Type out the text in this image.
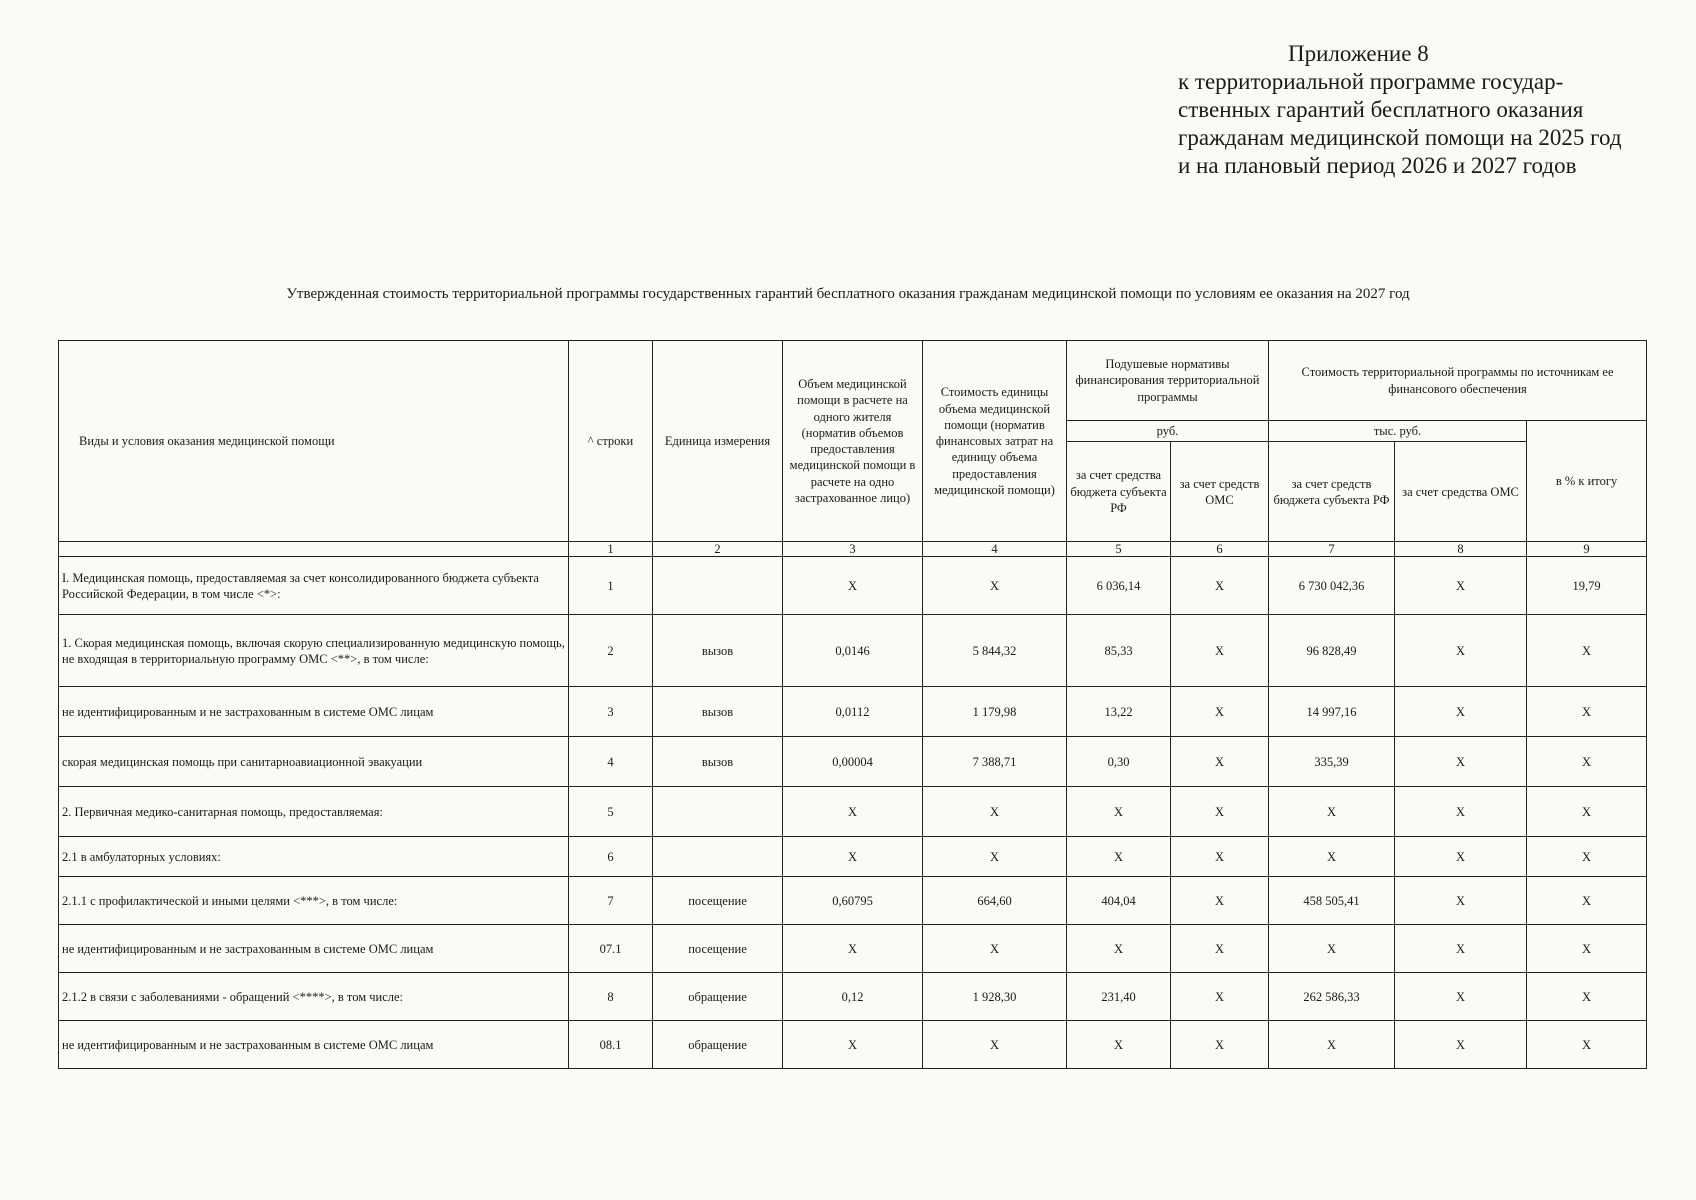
Приложение 8
к территориальной программе государ-
ственных гарантий бесплатного оказания
гражданам медицинской помощи на 2025 год
и на плановый период 2026 и 2027 годов
Утвержденная стоимость территориальной программы государственных гарантий бесплатного оказания гражданам медицинской помощи по условиям ее оказания на 2027 год
Виды и условия оказания медицинской помощи	^ строки	Единица измерения	Объем медицинской помощи в расчете на одного жителя (норматив объемов предоставления медицинской помощи в расчете на одно застрахованное лицо)	Стоимость единицы объема медицинской помощи (норматив финансовых затрат на единицу объема предоставления медицинской помощи)	Подушевые нормативы финансирования территориальной программы		Стоимость территориальной программы по источникам ее финансового обеспечения		
					руб.		тыс. руб.		в % к итогу
					за счет средства бюджета субъекта РФ	за счет средств ОМС	за счет средств бюджета субъекта РФ	за счет средства ОМС	
	1	2	3	4	5	6	7	8	9
I. Медицинская помощь, предоставляемая за счет консолидированного бюджета субъекта Российской Федерации, в том числе <*>:	1		X	X	6 036,14	X	6 730 042,36	X	19,79
1. Скорая медицинская помощь, включая скорую специализированную медицинскую помощь, не входящая в территориальную программу ОМС <**>, в том числе:	2	вызов	0,0146	5 844,32	85,33	X	96 828,49	X	X
не идентифицированным и не застрахованным в системе ОМС лицам	3	вызов	0,0112	1 179,98	13,22	X	14 997,16	X	X
скорая медицинская помощь при санитарноавиационной эвакуации	4	вызов	0,00004	7 388,71	0,30	X	335,39	X	X
2. Первичная медико-санитарная помощь, предоставляемая:	5		X	X	X	X	X	X	X
2.1 в амбулаторных условиях:	6		X	X	X	X	X	X	X
2.1.1 с профилактической и иными целями <***>, в том числе:	7	посещение	0,60795	664,60	404,04	X	458 505,41	X	X
не идентифицированным и не застрахованным в системе ОМС лицам	07.1	посещение	X	X	X	X	X	X	X
2.1.2 в связи с заболеваниями - обращений <****>, в том числе:	8	обращение	0,12	1 928,30	231,40	X	262 586,33	X	X
не идентифицированным и не застрахованным в системе ОМС лицам	08.1	обращение	X	X	X	X	X	X	X
